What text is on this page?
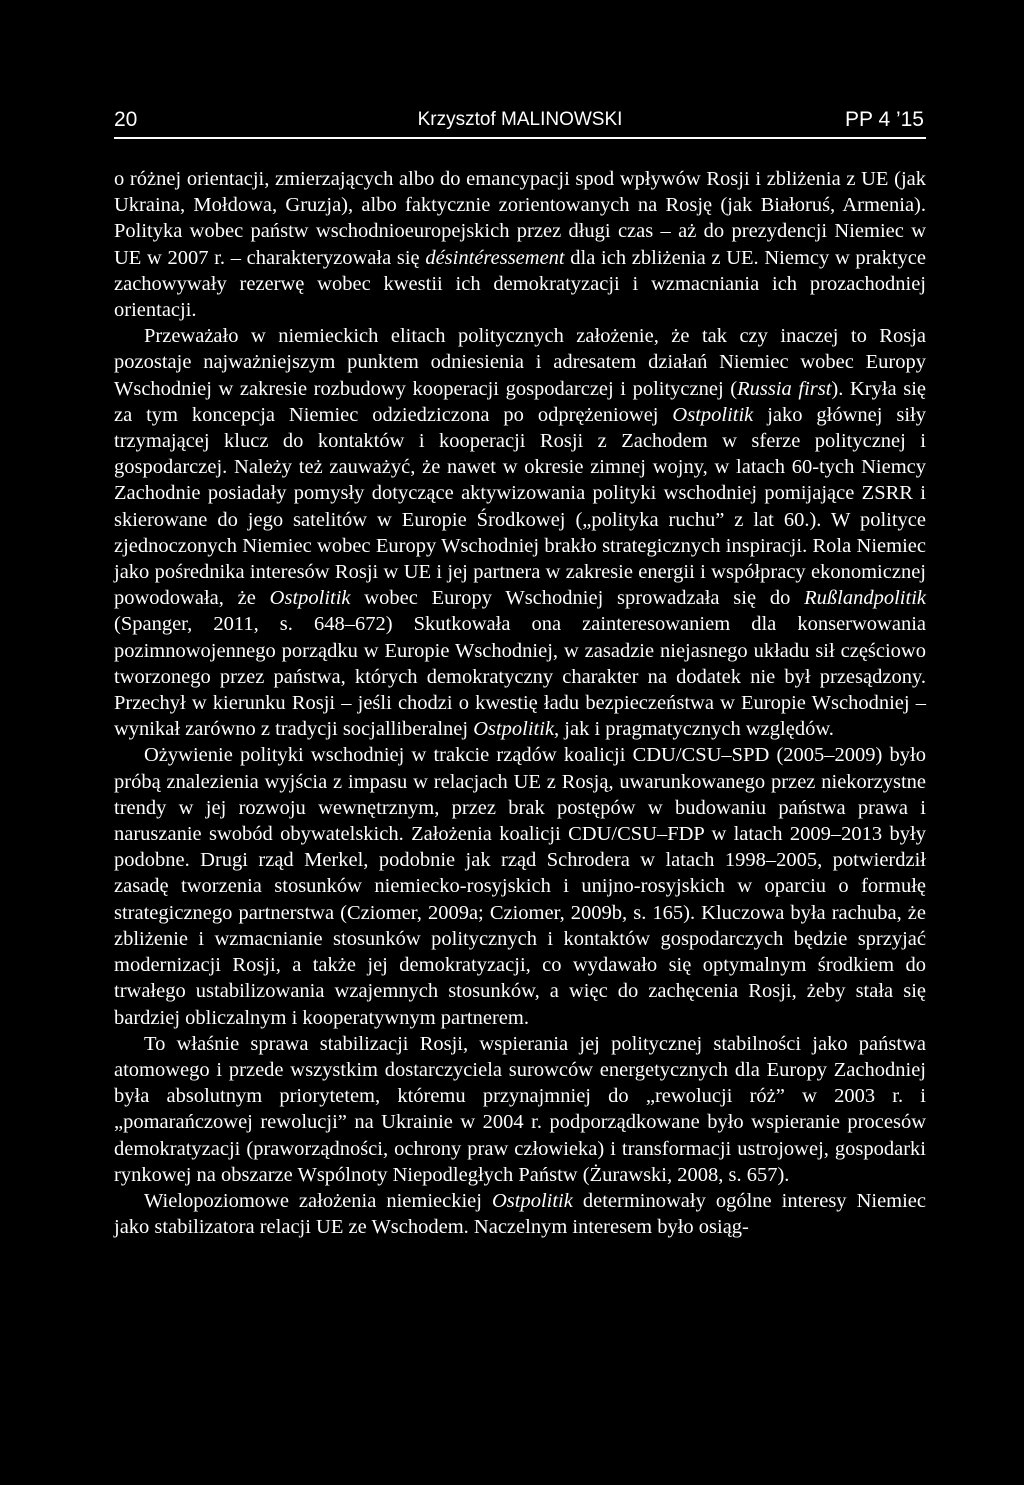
20	Krzysztof MALINOWSKI	PP 4 ’15

o różnej orientacji, zmierzających albo do emancypacji spod wpływów Rosji i zbliżenia z UE (jak Ukraina, Mołdowa, Gruzja), albo faktycznie zorientowanych na Rosję (jak Białoruś, Armenia). Polityka wobec państw wschodnioeuropejskich przez długi czas – aż do prezydencji Niemiec w UE w 2007 r. – charakteryzowała się désintéressement dla ich zbliżenia z UE. Niemcy w praktyce zachowywały rezerwę wobec kwestii ich demokratyzacji i wzmacniania ich prozachodniej orientacji.

Przeważało w niemieckich elitach politycznych założenie, że tak czy inaczej to Rosja pozostaje najważniejszym punktem odniesienia i adresatem działań Niemiec wobec Europy Wschodniej w zakresie rozbudowy kooperacji gospodarczej i politycznej (Russia first). Kryła się za tym koncepcja Niemiec odziedziczona po odprężeniowej Ostpolitik jako głównej siły trzymającej klucz do kontaktów i kooperacji Rosji z Zachodem w sferze politycznej i gospodarczej. Należy też zauważyć, że nawet w okresie zimnej wojny, w latach 60-tych Niemcy Zachodnie posiadały pomysły dotyczące aktywizowania polityki wschodniej pomijające ZSRR i skierowane do jego satelitów w Europie Środkowej („polityka ruchu” z lat 60.). W polityce zjednoczonych Niemiec wobec Europy Wschodniej brakło strategicznych inspiracji. Rola Niemiec jako pośrednika interesów Rosji w UE i jej partnera w zakresie energii i współpracy ekonomicznej powodowała, że Ostpolitik wobec Europy Wschodniej sprowadzała się do Rußlandpolitik (Spanger, 2011, s. 648–672) Skutkowała ona zainteresowaniem dla konserwowania pozimnowojennego porządku w Europie Wschodniej, w zasadzie niejasnego układu sił częściowo tworzonego przez państwa, których demokratyczny charakter na dodatek nie był przesądzony. Przechył w kierunku Rosji – jeśli chodzi o kwestię ładu bezpieczeństwa w Europie Wschodniej – wynikał zarówno z tradycji socjalliberalnej Ostpolitik, jak i pragmatycznych względów.

Ożywienie polityki wschodniej w trakcie rządów koalicji CDU/CSU–SPD (2005–2009) było próbą znalezienia wyjścia z impasu w relacjach UE z Rosją, uwarunkowanego przez niekorzystne trendy w jej rozwoju wewnętrznym, przez brak postępów w budowaniu państwa prawa i naruszanie swobód obywatelskich. Założenia koalicji CDU/CSU–FDP w latach 2009–2013 były podobne. Drugi rząd Merkel, podobnie jak rząd Schrodera w latach 1998–2005, potwierdził zasadę tworzenia stosunków niemiecko-rosyjskich i unijno-rosyjskich w oparciu o formułę strategicznego partnerstwa (Cziomer, 2009a; Cziomer, 2009b, s. 165). Kluczowa była rachuba, że zbliżenie i wzmacnianie stosunków politycznych i kontaktów gospodarczych będzie sprzyjać modernizacji Rosji, a także jej demokratyzacji, co wydawało się optymalnym środkiem do trwałego ustabilizowania wzajemnych stosunków, a więc do zachęcenia Rosji, żeby stała się bardziej obliczalnym i kooperatywnym partnerem.

To właśnie sprawa stabilizacji Rosji, wspierania jej politycznej stabilności jako państwa atomowego i przede wszystkim dostarczyciela surowców energetycznych dla Europy Zachodniej była absolutnym priorytetem, któremu przynajmniej do „rewolucji róż” w 2003 r. i „pomarańczowej rewolucji” na Ukrainie w 2004 r. podporządkowane było wspieranie procesów demokratyzacji (praworządności, ochrony praw człowieka) i transformacji ustrojowej, gospodarki rynkowej na obszarze Wspólnoty Niepodległych Państw (Żurawski, 2008, s. 657).

Wielopoziomowe założenia niemieckiej Ostpolitik determinowały ogólne interesy Niemiec jako stabilizatora relacji UE ze Wschodem. Naczelnym interesem było osiąg-
